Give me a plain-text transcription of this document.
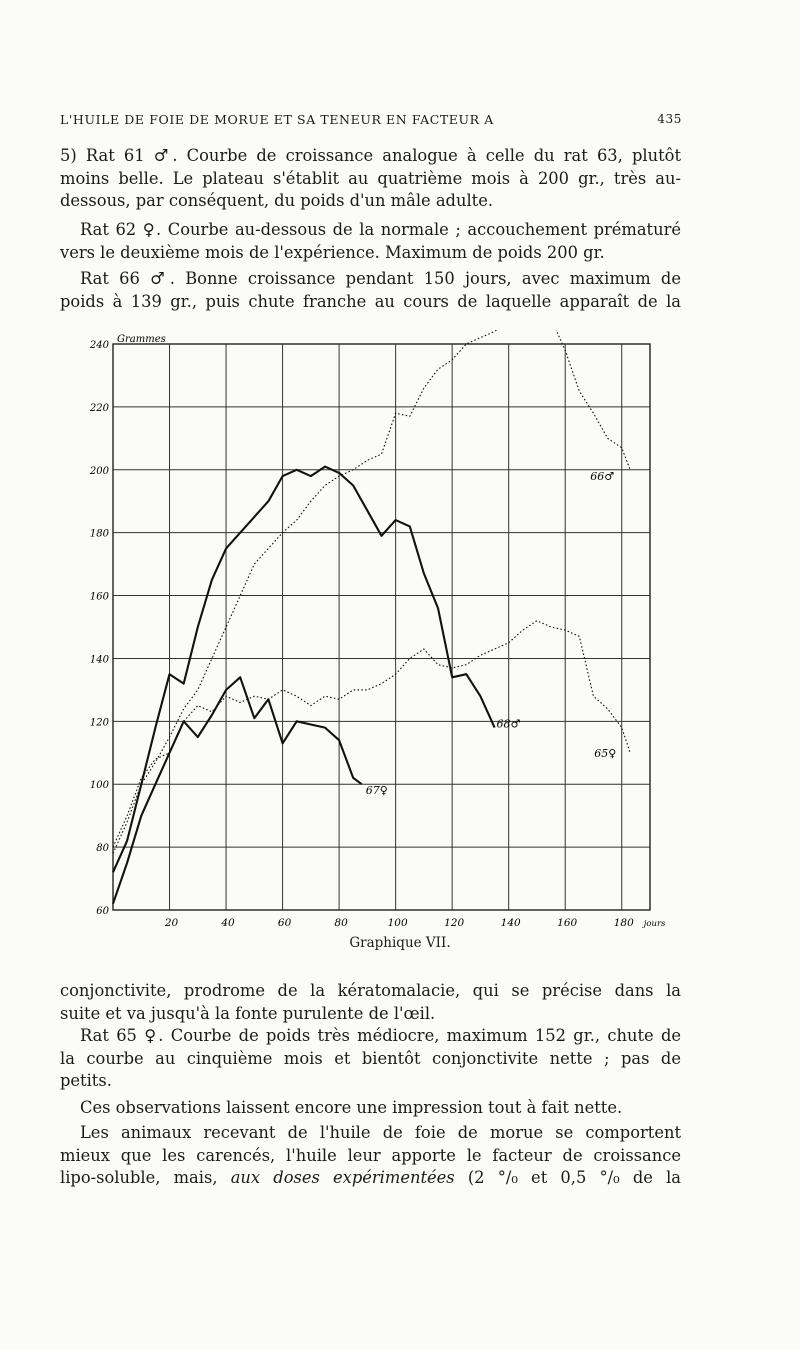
L'HUILE DE FOIE DE MORUE ET SA TENEUR EN FACTEUR A	435
5) Rat 61 ♂. Courbe de croissance analogue à celle du rat 63, plutôt
moins belle. Le plateau s'établit au quatrième mois à 200 gr., très au-
dessous, par conséquent, du poids d'un mâle adulte.
Rat 62 ♀. Courbe au-dessous de la normale ; accouchement prématuré
vers le deuxième mois de l'expérience. Maximum de poids 200 gr.
Rat 66 ♂. Bonne croissance pendant 150 jours, avec maximum de
poids à 139 gr., puis chute franche au cours de laquelle apparaît de la
20	40	60	80	100	120	140	160	180 jours
60
80
100
120
140
160
180
200
220
240
Grammes
66♂
68♂
65♀
67♀
Graphique VII.
conjonctivite, prodrome de la kératomalacie, qui se précise dans la
suite et va jusqu'à la fonte purulente de l'œil.
Rat 65 ♀. Courbe de poids très médiocre, maximum 152 gr., chute de
la courbe au cinquième mois et bientôt conjonctivite nette ; pas de
petits.
Ces observations laissent encore une impression tout à fait nette.
Les animaux recevant de l'huile de foie de morue se comportent
mieux que les carencés, l'huile leur apporte le facteur de croissance
lipo-soluble, mais, aux doses expérimentées (2 °/₀ et 0,5 °/₀ de la
